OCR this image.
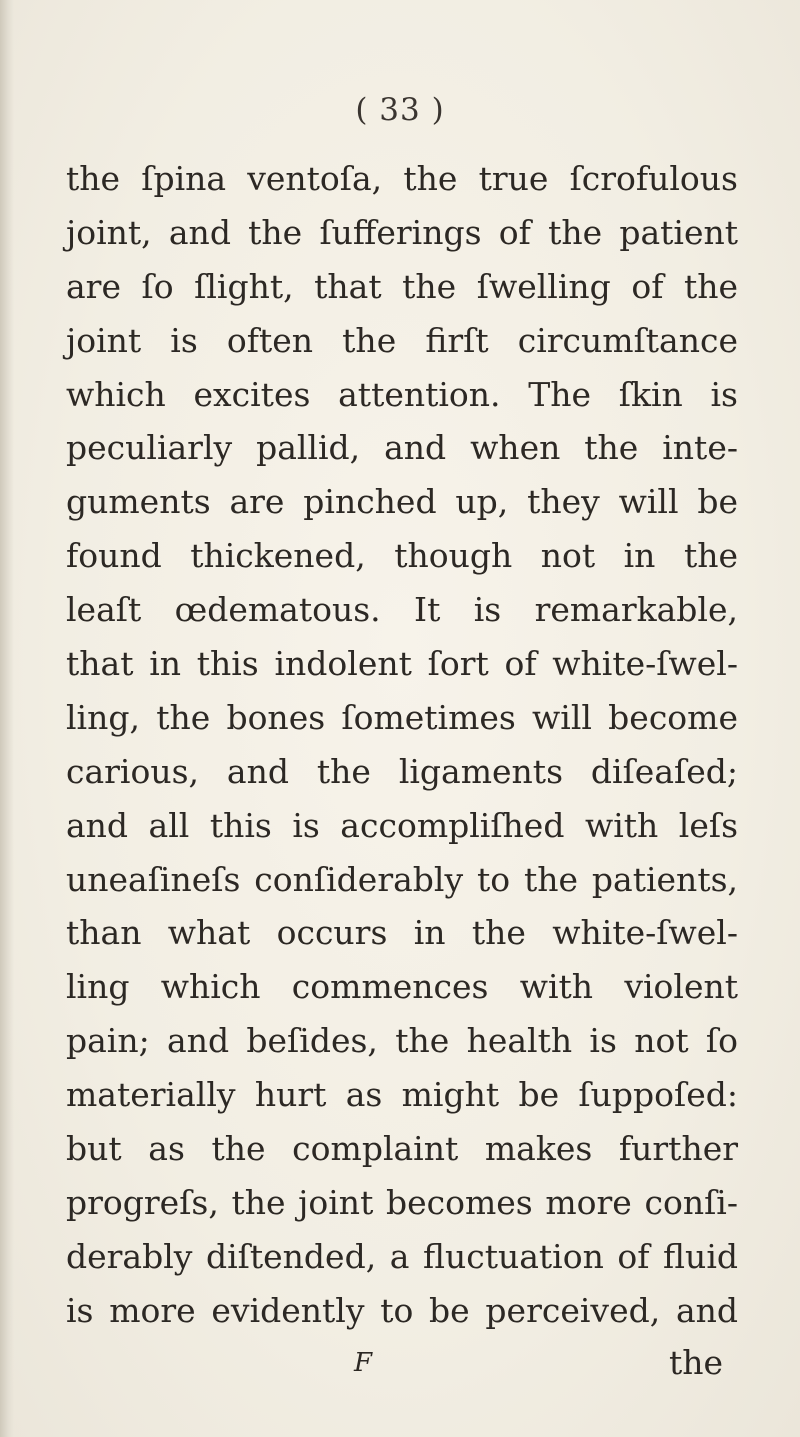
( 33 )
the ſpina ventoſa, the true ſcrofulous
joint, and the ſufferings of the patient
are ſo ſlight, that the ſwelling of the
joint is often the firſt circumſtance
which excites attention. The ſkin is
peculiarly pallid, and when the inte-
guments are pinched up, they will be
found thickened, though not in the
leaſt œdematous. It is remarkable,
that in this indolent ſort of white-ſwel-
ling, the bones ſometimes will become
carious, and the ligaments diſeaſed;
and all this is accompliſhed with leſs
uneaſineſs conſiderably to the patients,
than what occurs in the white-ſwel-
ling which commences with violent
pain; and beſides, the health is not ſo
materially hurt as might be ſuppoſed:
but as the complaint makes further
progreſs, the joint becomes more conſi-
derably diſtended, a fluctuation of fluid
is more evidently to be perceived, and
F	the
